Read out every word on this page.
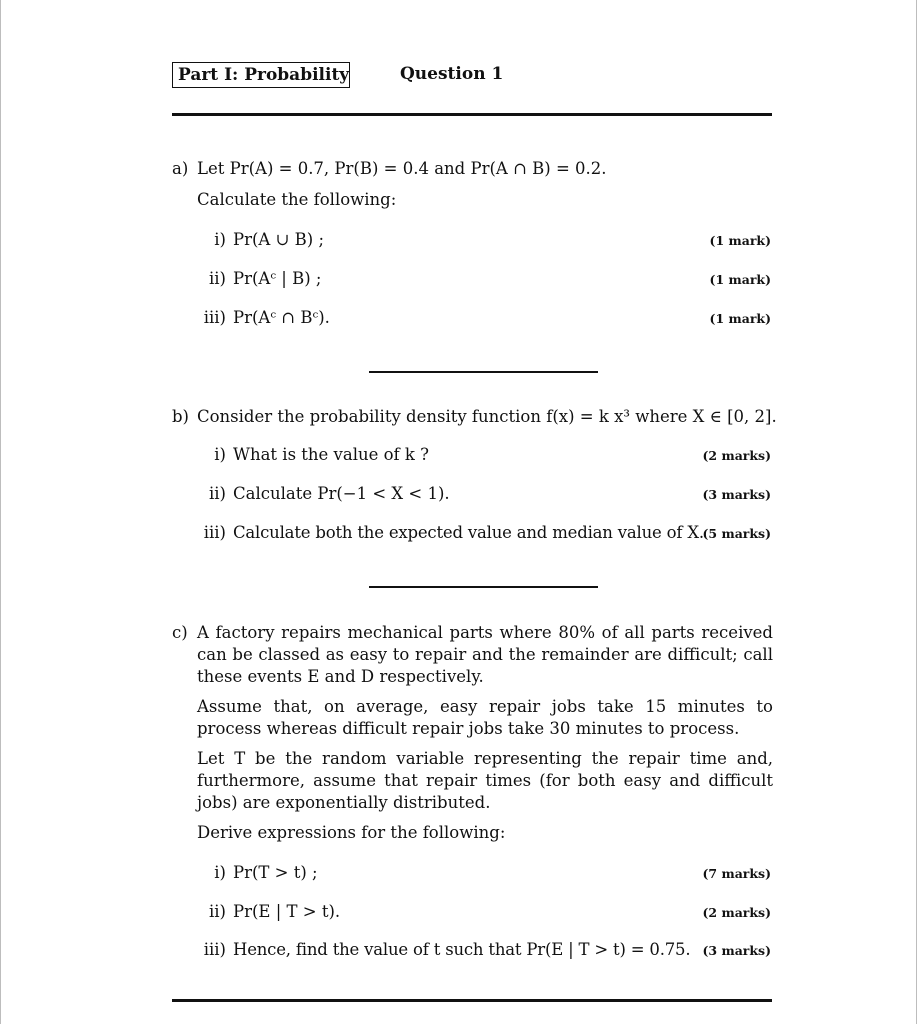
Part I: Probability	Question 1
a) Let Pr(A) = 0.7, Pr(B) = 0.4 and Pr(A ∩ B) = 0.2.
Calculate the following:
i) Pr(A ∪ B) ;	(1 mark)
ii) Pr(Aᶜ | B) ;	(1 mark)
iii) Pr(Aᶜ ∩ Bᶜ).	(1 mark)
b) Consider the probability density function f(x) = k x³ where X ∈ [0, 2].
i) What is the value of k ?	(2 marks)
ii) Calculate Pr(−1 < X < 1).	(3 marks)
iii) Calculate both the expected value and median value of X.
(5 marks)
c) A factory repairs mechanical parts where 80% of all parts received can be classed as easy to repair and the remainder are difficult; call these events E and D respectively.
Assume that, on average, easy repair jobs take 15 minutes to process whereas difficult repair jobs take 30 minutes to process.
Let T be the random variable representing the repair time and, furthermore, assume that repair times (for both easy and difficult jobs) are exponentially distributed.
Derive expressions for the following:
i) Pr(T > t) ;	(7 marks)
ii) Pr(E | T > t).	(2 marks)
iii) Hence, find the value of t such that Pr(E | T > t) = 0.75. (3 marks)
